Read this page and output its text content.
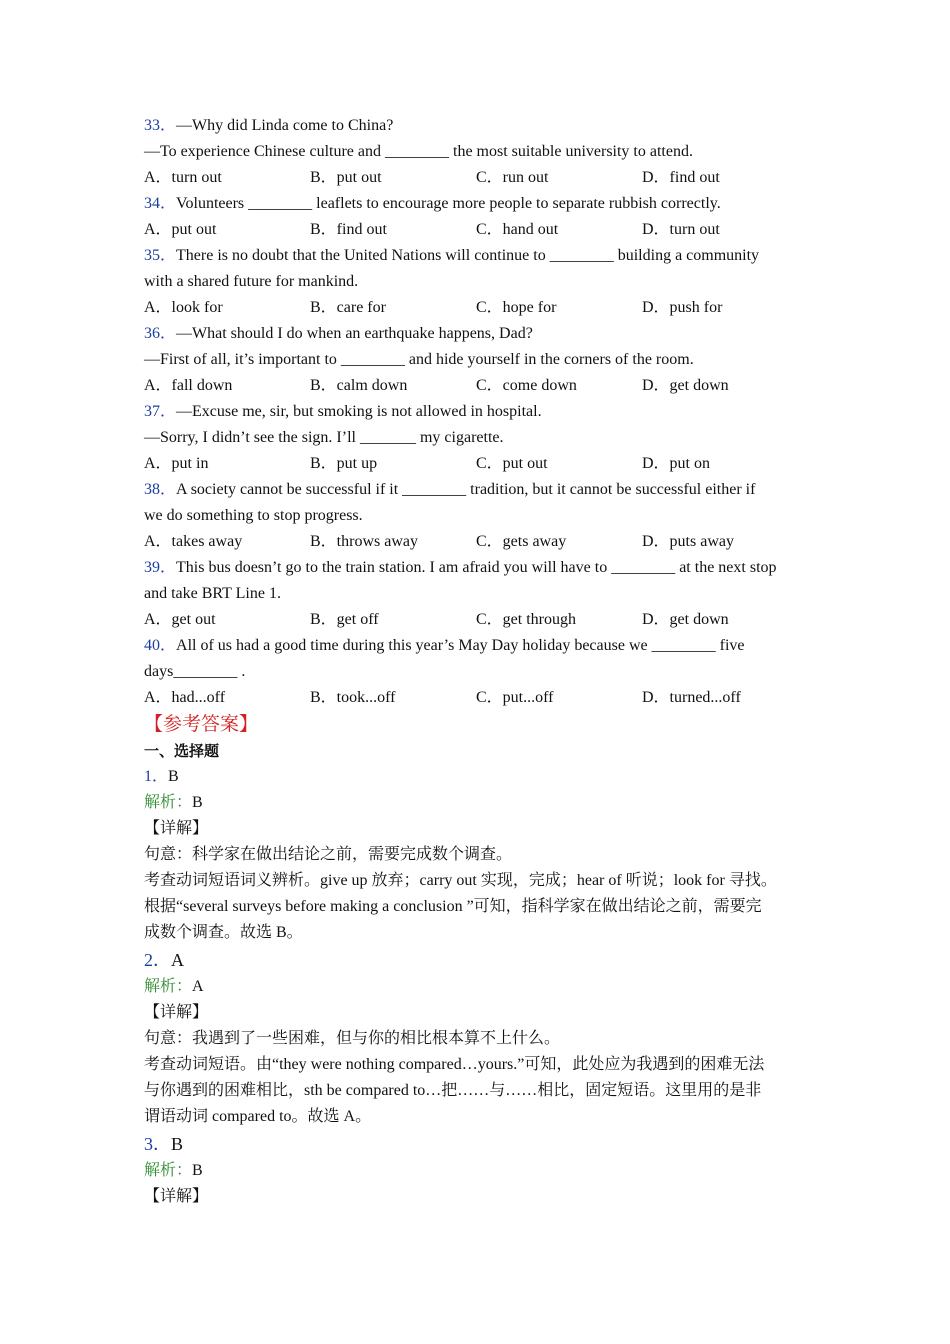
33．—Why did Linda come to China?
—To experience Chinese culture and ________ the most suitable university to attend.
A．turn out	B．put out	C．run out	D．find out
34．Volunteers ________ leaflets to encourage more people to separate rubbish correctly.
A．put out	B．find out	C．hand out	D．turn out
35．There is no doubt that the United Nations will continue to ________ building a community
with a shared future for mankind.
A．look for	B．care for	C．hope for	D．push for
36．—What should I do when an earthquake happens, Dad?
—First of all, it’s important to ________ and hide yourself in the corners of the room.
A．fall down	B．calm down	C．come down	D．get down
37．—Excuse me, sir, but smoking is not allowed in hospital.
—Sorry, I didn’t see the sign. I’ll _______ my cigarette.
A．put in	B．put up	C．put out	D．put on
38．A society cannot be successful if it ________ tradition, but it cannot be successful either if
we do something to stop progress.
A．takes away	B．throws away	C．gets away	D．puts away
39．This bus doesn’t go to the train station. I am afraid you will have to ________ at the next stop
and take BRT Line 1.
A．get out	B．get off	C．get through	D．get down
40．All of us had a good time during this year’s May Day holiday because we ________ five
days________ .
A．had...off	B．took...off	C．put...off	D．turned...off
【参考答案】
一、选择题
1．B
解析：B
【详解】
句意：科学家在做出结论之前，需要完成数个调查。
考查动词短语词义辨析。give up 放弃；carry out 实现，完成；hear of 听说；look for 寻找。
根据“several surveys before making a conclusion ”可知，指科学家在做出结论之前，需要完
成数个调查。故选 B。
2．A
解析：A
【详解】
句意：我遇到了一些困难，但与你的相比根本算不上什么。
考查动词短语。由“they were nothing compared…yours.”可知，此处应为我遇到的困难无法
与你遇到的困难相比，sth be compared to…把……与……相比，固定短语。这里用的是非
谓语动词 compared to。故选 A。
3．B
解析：B
【详解】
